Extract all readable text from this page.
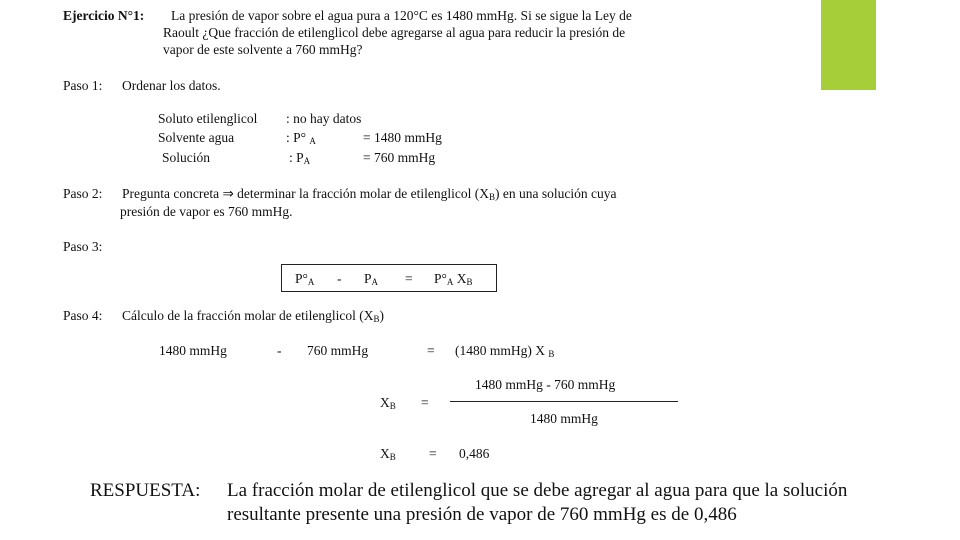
Ejercicio N°1: La presión de vapor sobre el agua pura a 120°C es 1480 mmHg. Si se sigue la Ley de
Raoult ¿Que fracción de etilenglicol debe agregarse al agua para reducir la presión de
vapor de este solvente a 760 mmHg?
Paso 1: Ordenar los datos.
Soluto etilenglicol : no hay datos
Solvente agua	: P° $_A$	= 1480 mmHg
Solución	: $P_A$	= 760 mmHg
Paso 2: Pregunta concreta ⇒ determinar la fracción molar de etilenglicol $(X_B)$ en una solución cuya
presión de vapor es 760 mmHg.
Paso 3:
$P^\circ_A - P_A = P^\circ_A$ $X_B$
Paso 4: Cálculo de la fracción molar de etilenglicol $(X_B)$
1480 mmHg	- 760 mmHg	= (1480 mmHg) X $_B$
1480 mmHg - 760 mmHg
$X_B$ =
1480 mmHg
$X_B = 0,486$
RESPUESTA: La fracción molar de etilenglicol que se debe agregar al agua para que la solución
resultante presente una presión de vapor de 760 mmHg es de 0,486
